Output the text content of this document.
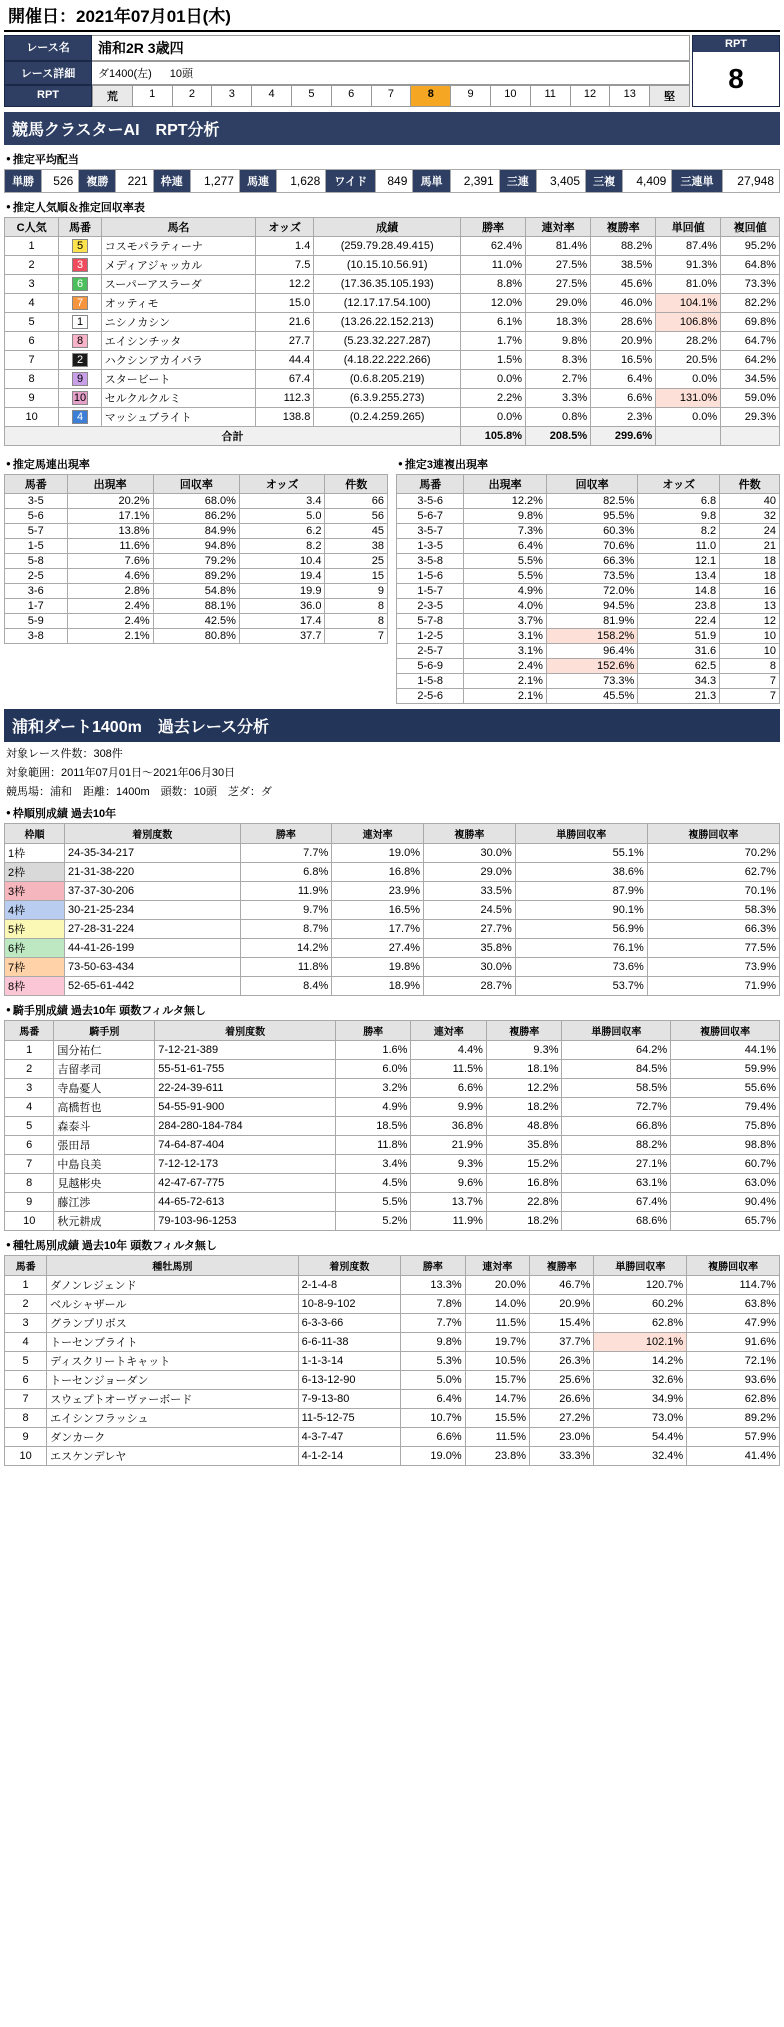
開催日：2021年07月01日(木)
レース名	浦和2R 3歳四
レース詳細	ダ1400(左) 10頭
RPT	荒	1	2	3	4	5	6	7	8	9	10	11	12	13	堅
RPT
8
競馬クラスターAI　RPT分析
● 推定平均配当
単勝	526	複勝	221	枠連	1,277	馬連	1,628	ワイド	849	馬単	2,391	三連	3,405	三複	4,409	三連単	27,948
● 推定人気順＆推定回収率表
C人気	馬番	馬名	オッズ	成績	勝率	連対率	複勝率	単回値	複回値
1	5	コスモパラティーナ	1.4	(259.79.28.49.415)	62.4%	81.4%	88.2%	87.4%	95.2%
2	3	メディアジャッカル	7.5	(10.15.10.56.91)	11.0%	27.5%	38.5%	91.3%	64.8%
3	6	スーパーアスラーダ	12.2	(17.36.35.105.193)	8.8%	27.5%	45.6%	81.0%	73.3%
4	7	オッティモ	15.0	(12.17.17.54.100)	12.0%	29.0%	46.0%	104.1%	82.2%
5	1	ニシノカシン	21.6	(13.26.22.152.213)	6.1%	18.3%	28.6%	106.8%	69.8%
6	8	エイシンチッタ	27.7	(5.23.32.227.287)	1.7%	9.8%	20.9%	28.2%	64.7%
7	2	ハクシンアカイバラ	44.4	(4.18.22.222.266)	1.5%	8.3%	16.5%	20.5%	64.2%
8	9	スタービート	67.4	(0.6.8.205.219)	0.0%	2.7%	6.4%	0.0%	34.5%
9	10	セルクルクルミ	112.3	(6.3.9.255.273)	2.2%	3.3%	6.6%	131.0%	59.0%
10	4	マッシュブライト	138.8	(0.2.4.259.265)	0.0%	0.8%	2.3%	0.0%	29.3%
合計					105.8%	208.5%	299.6%		
● 推定馬連出現率
馬番	出現率	回収率	オッズ	件数
3-5	20.2%	68.0%	3.4	66
5-6	17.1%	86.2%	5.0	56
5-7	13.8%	84.9%	6.2	45
1-5	11.6%	94.8%	8.2	38
5-8	7.6%	79.2%	10.4	25
2-5	4.6%	89.2%	19.4	15
3-6	2.8%	54.8%	19.9	9
1-7	2.4%	88.1%	36.0	8
5-9	2.4%	42.5%	17.4	8
3-8	2.1%	80.8%	37.7	7
● 推定3連複出現率
馬番	出現率	回収率	オッズ	件数
3-5-6	12.2%	82.5%	6.8	40
5-6-7	9.8%	95.5%	9.8	32
3-5-7	7.3%	60.3%	8.2	24
1-3-5	6.4%	70.6%	11.0	21
3-5-8	5.5%	66.3%	12.1	18
1-5-6	5.5%	73.5%	13.4	18
1-5-7	4.9%	72.0%	14.8	16
2-3-5	4.0%	94.5%	23.8	13
5-7-8	3.7%	81.9%	22.4	12
1-2-5	3.1%	158.2%	51.9	10
2-5-7	3.1%	96.4%	31.6	10
5-6-9	2.4%	152.6%	62.5	8
1-5-8	2.1%	73.3%	34.3	7
2-5-6	2.1%	45.5%	21.3	7
浦和ダート1400m　過去レース分析
対象レース件数：308件
対象範囲：2011年07月01日～2021年06月30日
競馬場：浦和　距離：1400m　頭数：10頭　芝ダ：ダ
● 枠順別成績 過去10年
枠順	着別度数	勝率	連対率	複勝率	単勝回収率	複勝回収率
1枠	24-35-34-217	7.7%	19.0%	30.0%	55.1%	70.2%
2枠	21-31-38-220	6.8%	16.8%	29.0%	38.6%	62.7%
3枠	37-37-30-206	11.9%	23.9%	33.5%	87.9%	70.1%
4枠	30-21-25-234	9.7%	16.5%	24.5%	90.1%	58.3%
5枠	27-28-31-224	8.7%	17.7%	27.7%	56.9%	66.3%
6枠	44-41-26-199	14.2%	27.4%	35.8%	76.1%	77.5%
7枠	73-50-63-434	11.8%	19.8%	30.0%	73.6%	73.9%
8枠	52-65-61-442	8.4%	18.9%	28.7%	53.7%	71.9%
● 騎手別成績 過去10年 頭数フィルタ無し
馬番	騎手別	着別度数	勝率	連対率	複勝率	単勝回収率	複勝回収率
1	国分祐仁	7-12-21-389	1.6%	4.4%	9.3%	64.2%	44.1%
2	吉留孝司	55-51-61-755	6.0%	11.5%	18.1%	84.5%	59.9%
3	寺島憂人	22-24-39-611	3.2%	6.6%	12.2%	58.5%	55.6%
4	高橋哲也	54-55-91-900	4.9%	9.9%	18.2%	72.7%	79.4%
5	森泰斗	284-280-184-784	18.5%	36.8%	48.8%	66.8%	75.8%
6	張田昂	74-64-87-404	11.8%	21.9%	35.8%	88.2%	98.8%
7	中島良美	7-12-12-173	3.4%	9.3%	15.2%	27.1%	60.7%
8	見越彬央	42-47-67-775	4.5%	9.6%	16.8%	63.1%	63.0%
9	藤江渉	44-65-72-613	5.5%	13.7%	22.8%	67.4%	90.4%
10	秋元耕成	79-103-96-1253	5.2%	11.9%	18.2%	68.6%	65.7%
● 種牡馬別成績 過去10年 頭数フィルタ無し
馬番	種牡馬別	着別度数	勝率	連対率	複勝率	単勝回収率	複勝回収率
1	ダノンレジェンド	2-1-4-8	13.3%	20.0%	46.7%	120.7%	114.7%
2	ベルシャザール	10-8-9-102	7.8%	14.0%	20.9%	60.2%	63.8%
3	グランプリボス	6-3-3-66	7.7%	11.5%	15.4%	62.8%	47.9%
4	トーセンブライト	6-6-11-38	9.8%	19.7%	37.7%	102.1%	91.6%
5	ディスクリートキャット	1-1-3-14	5.3%	10.5%	26.3%	14.2%	72.1%
6	トーセンジョーダン	6-13-12-90	5.0%	15.7%	25.6%	32.6%	93.6%
7	スウェプトオーヴァーボード	7-9-13-80	6.4%	14.7%	26.6%	34.9%	62.8%
8	エイシンフラッシュ	11-5-12-75	10.7%	15.5%	27.2%	73.0%	89.2%
9	ダンカーク	4-3-7-47	6.6%	11.5%	23.0%	54.4%	57.9%
10	エスケンデレヤ	4-1-2-14	19.0%	23.8%	33.3%	32.4%	41.4%
